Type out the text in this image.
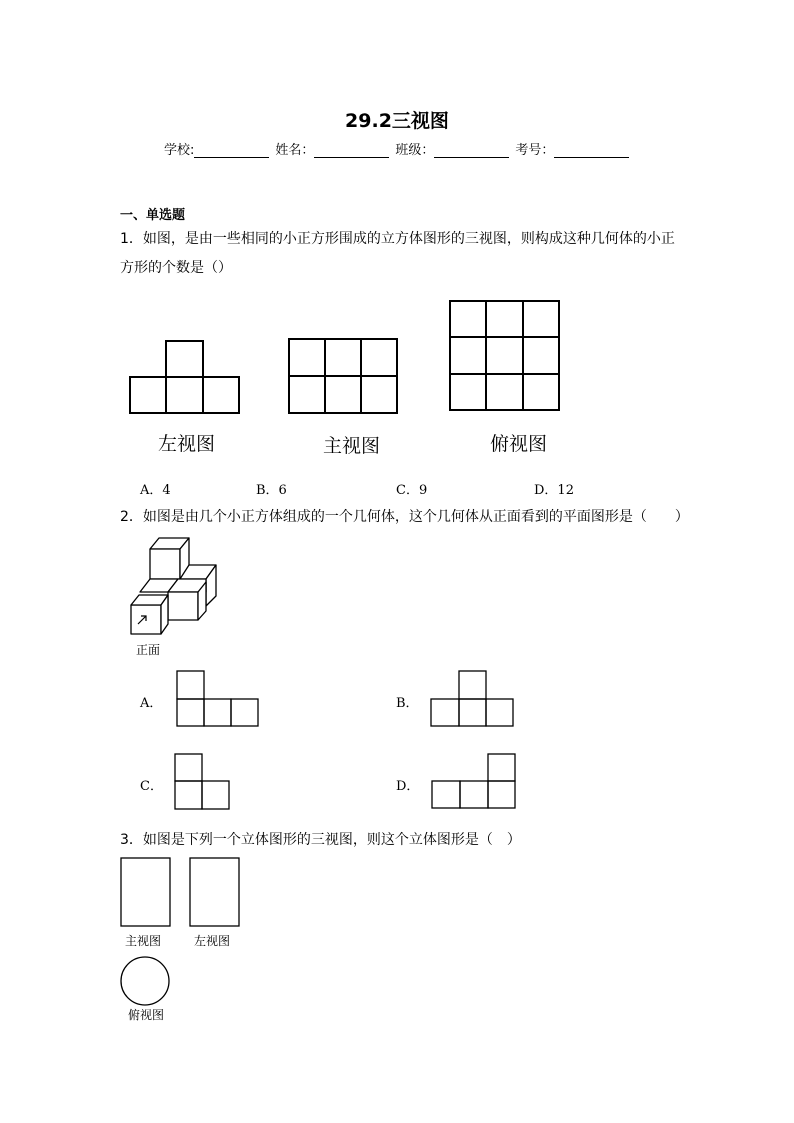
29.2三视图
学校:	姓名：	班级：	考号：
一、单选题
1．如图，是由一些相同的小正方形围成的立方体图形的三视图，则构成这种几何体的小正
方形的个数是（）
左视图	主视图	俯视图
A．4	B．6	C．9	D．12
2．如图是由几个小正方体组成的一个几何体，这个几何体从正面看到的平面图形是（　　）
正面
A．	B．
C．	D．
3．如图是下列一个立体图形的三视图，则这个立体图形是（　）
主视图	左视图
俯视图
